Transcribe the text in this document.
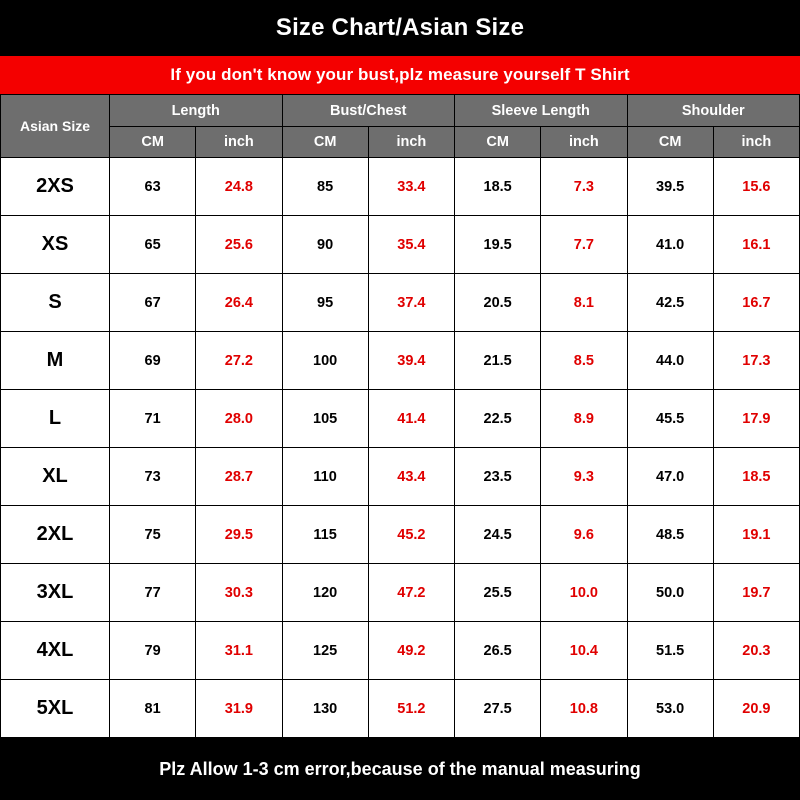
Size Chart/Asian Size
If you don't know your bust,plz measure yourself T Shirt
Asian Size	Length		Bust/Chest		Sleeve Length		Shoulder	
	CM	inch	CM	inch	CM	inch	CM	inch
2XS	63	24.8	85	33.4	18.5	7.3	39.5	15.6
XS	65	25.6	90	35.4	19.5	7.7	41.0	16.1
S	67	26.4	95	37.4	20.5	8.1	42.5	16.7
M	69	27.2	100	39.4	21.5	8.5	44.0	17.3
L	71	28.0	105	41.4	22.5	8.9	45.5	17.9
XL	73	28.7	110	43.4	23.5	9.3	47.0	18.5
2XL	75	29.5	115	45.2	24.5	9.6	48.5	19.1
3XL	77	30.3	120	47.2	25.5	10.0	50.0	19.7
4XL	79	31.1	125	49.2	26.5	10.4	51.5	20.3
5XL	81	31.9	130	51.2	27.5	10.8	53.0	20.9
Plz Allow 1-3 cm error,because of the manual measuring
